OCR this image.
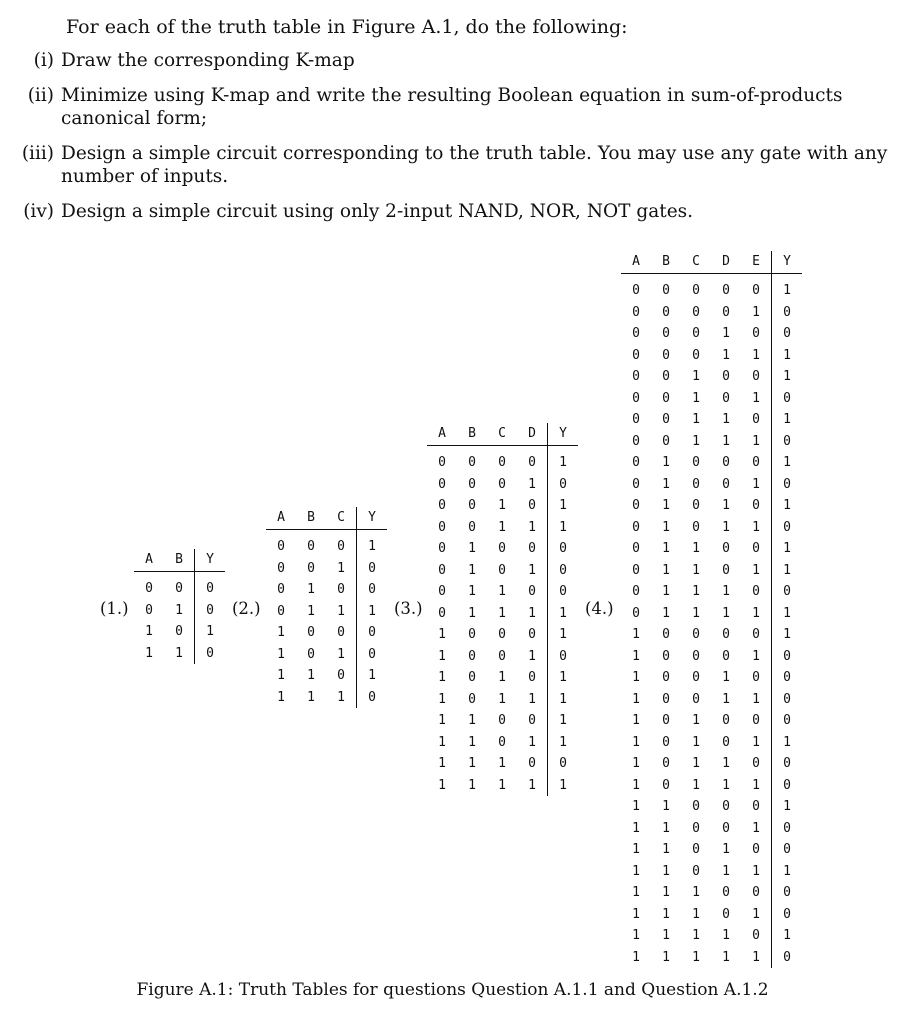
For each of the truth table in Figure A.1, do the following:
(i) Draw the corresponding K-map
(ii) Minimize using K-map and write the resulting Boolean equation in sum-of-products canonical form;
(iii) Design a simple circuit corresponding to the truth table. You may use any gate with any number of inputs.
(iv) Design a simple circuit using only 2-input NAND, NOR, NOT gates.
(1.)	(2.)	(3.)	(4.)
A	B	Y
0	0	0
0	1	0
1	0	1
1	1	0
A	B	C	Y
0	0	0	1
0	0	1	0
0	1	0	0
0	1	1	1
1	0	0	0
1	0	1	0
1	1	0	1
1	1	1	0
A	B	C	D	Y
0	0	0	0	1
0	0	0	1	0
0	0	1	0	1
0	0	1	1	1
0	1	0	0	0
0	1	0	1	0
0	1	1	0	0
0	1	1	1	1
1	0	0	0	1
1	0	0	1	0
1	0	1	0	1
1	0	1	1	1
1	1	0	0	1
1	1	0	1	1
1	1	1	0	0
1	1	1	1	1
A	B	C	D	E	Y
0	0	0	0	0	1
0	0	0	0	1	0
0	0	0	1	0	0
0	0	0	1	1	1
0	0	1	0	0	1
0	0	1	0	1	0
0	0	1	1	0	1
0	0	1	1	1	0
0	1	0	0	0	1
0	1	0	0	1	0
0	1	0	1	0	1
0	1	0	1	1	0
0	1	1	0	0	1
0	1	1	0	1	1
0	1	1	1	0	0
0	1	1	1	1	1
1	0	0	0	0	1
1	0	0	0	1	0
1	0	0	1	0	0
1	0	0	1	1	0
1	0	1	0	0	0
1	0	1	0	1	1
1	0	1	1	0	0
1	0	1	1	1	0
1	1	0	0	0	1
1	1	0	0	1	0
1	1	0	1	0	0
1	1	0	1	1	1
1	1	1	0	0	0
1	1	1	0	1	0
1	1	1	1	0	1
1	1	1	1	1	0
Figure A.1: Truth Tables for questions Question A.1.1 and Question A.1.2
